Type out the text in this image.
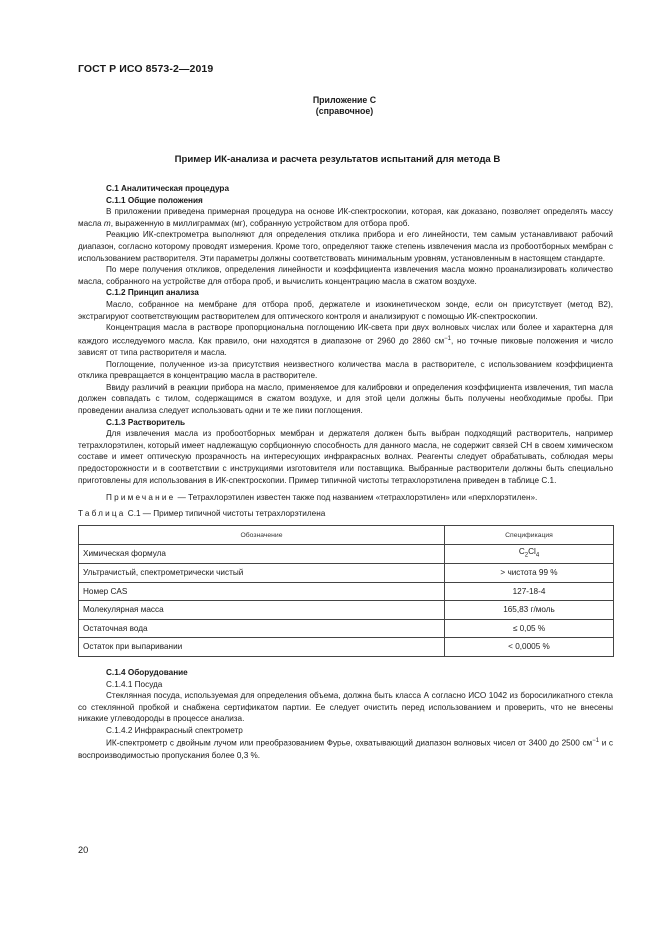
ГОСТ Р ИСО 8573-2—2019
Приложение С
(справочное)
Пример ИК-анализа и расчета результатов испытаний для метода В
С.1 Аналитическая процедура
С.1.1 Общие положения

В приложении приведена примерная процедура на основе ИК-спектроскопии, которая, как доказано, позволяет определять массу масла m, выраженную в миллиграммах (мг), собранную устройством для отбора проб.

Реакцию ИК-спектрометра выполняют для определения отклика прибора и его линейности, тем самым устанавливают рабочий диапазон, согласно которому проводят измерения. Кроме того, определяют также степень извлечения масла из пробоотборных мембран с использованием растворителя. Эти параметры должны соответствовать минимальным уровням, установленным в настоящем стандарте.

По мере получения откликов, определения линейности и коэффициента извлечения масла можно проанализировать количество масла, собранного на устройстве для отбора проб, и вычислить концентрацию масла в сжатом воздухе.

С.1.2 Принцип анализа

Масло, собранное на мембране для отбора проб, держателе и изокинетическом зонде, если он присутствует (метод В2), экстрагируют соответствующим растворителем для оптического контроля и анализируют с помощью ИК-спектроскопии.

Концентрация масла в растворе пропорциональна поглощению ИК-света при двух волновых числах или более и характерна для каждого исследуемого масла. Как правило, они находятся в диапазоне от 2960 до 2860 $см^{-1}$, но точные пиковые положения и число зависят от типа растворителя и масла.

Поглощение, полученное из-за присутствия неизвестного количества масла в растворителе, с использованием коэффициента отклика превращается в концентрацию масла в растворителе.

Ввиду различий в реакции прибора на масло, применяемое для калибровки и определения коэффициента извлечения, тип масла должен совпадать с тилом, содержащимся в сжатом воздухе, и для этой цели должны быть получены необходимые пробы. При проведении анализа следует использовать одни и те же пики поглощения.

С.1.3 Растворитель

Для извлечения масла из пробоотборных мембран и держателя должен быть выбран подходящий растворитель, например тетрахлорэтилен, который имеет надлежащую сорбционную способность для данного масла, не содержит связей СН в своем химическом составе и имеет оптическую прозрачность на интересующих инфракрасных волнах. Реагенты следует обрабатывать, соблюдая меры предосторожности и в соответствии с инструкциями изготовителя или поставщика. Выбранные растворители должны быть специально приготовлены для использования в ИК-спектроскопии. Пример типичной чистоты тетрахлорэтилена приведен в таблице С.1.

Примечание — Тетрахлорэтилен известен также под названием «тетрахлорэтилен» или «перхлорэтилен».

Таблица С.1 — Пример типичной чистоты тетрахлорэтилена
Обозначение	Спецификация
Химическая формула	$C_2Cl_4$
Ультрачистый, спектрометрически чистый	> чистота 99 %
Номер CAS	127-18-4
Молекулярная масса	165,83 г/моль
Остаточная вода	≤ 0,05 %
Остаток при выпаривании	< 0,0005 %
С.1.4 Оборудование
С.1.4.1 Посуда

Стеклянная посуда, используемая для определения объема, должна быть класса А согласно ИСО 1042 из боросиликатного стекла со стеклянной пробкой и снабжена сертификатом партии. Ее следует очистить перед использованием и проверить, что не внесены никакие углеводороды в процессе анализа.

С.1.4.2 Инфракрасный спектрометр

ИК-спектрометр с двойным лучом или преобразованием Фурье, охватывающий диапазон волновых чисел от 3400 до 2500 $см^{-1}$ и с воспроизводимостью пропускания более 0,3 %.

20
